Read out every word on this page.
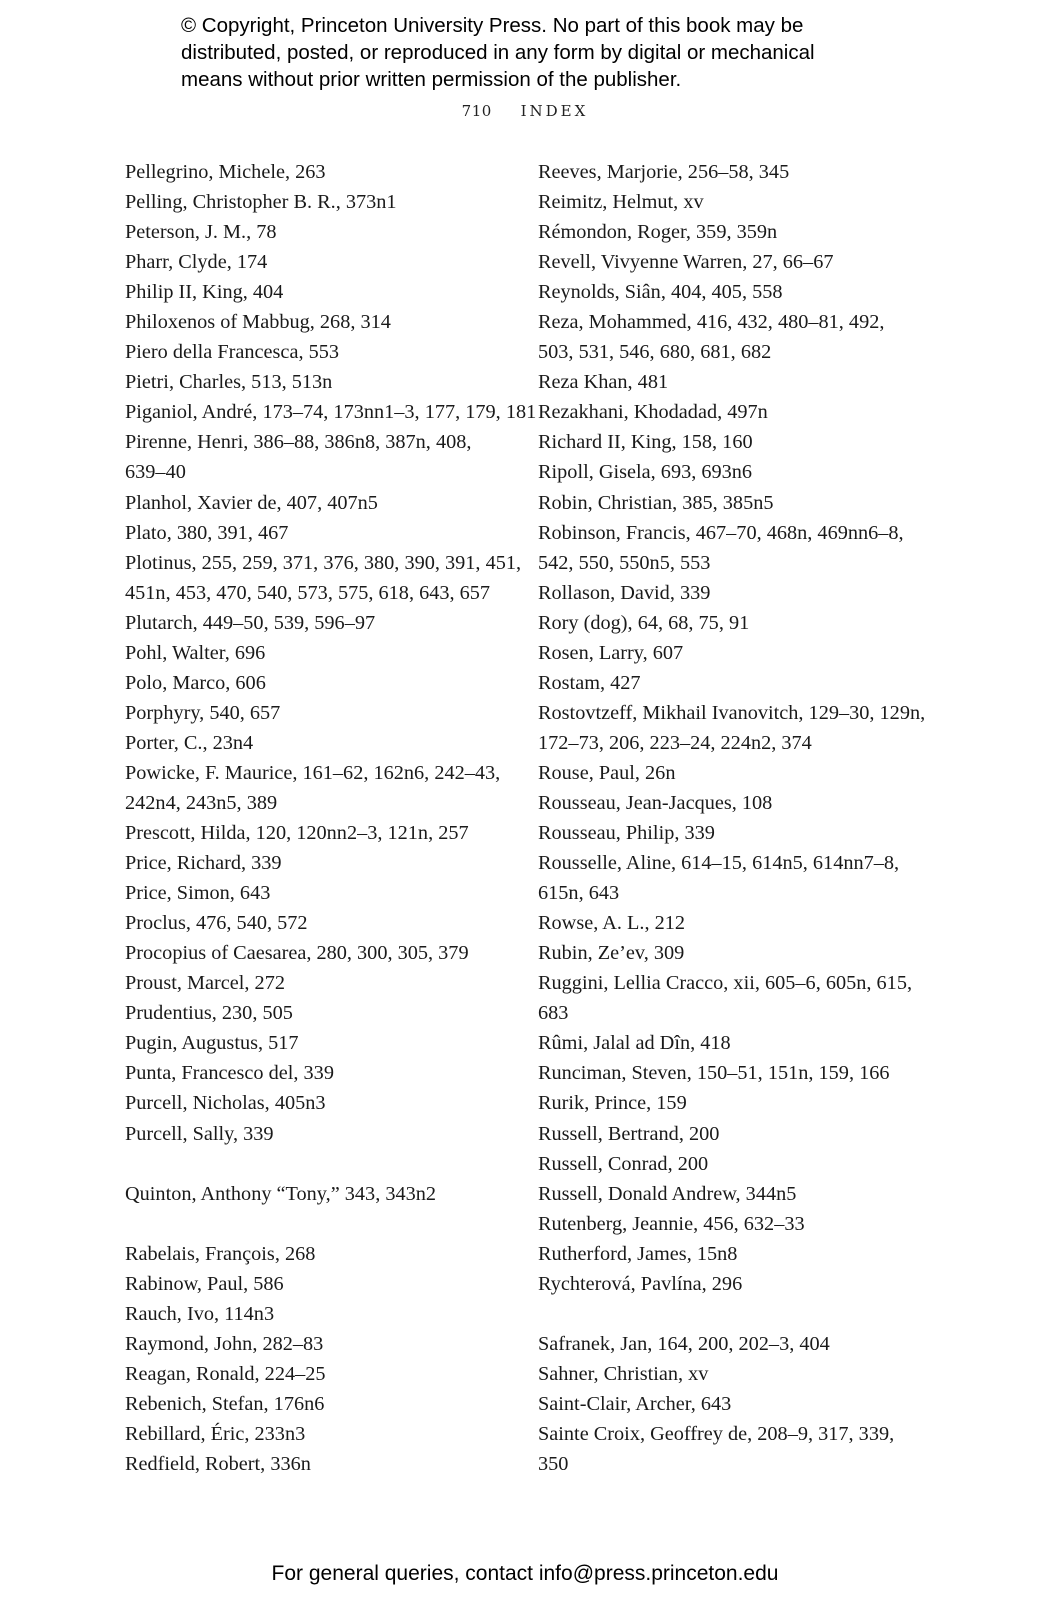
© Copyright, Princeton University Press. No part of this book may be
distributed, posted, or reproduced in any form by digital or mechanical
means without prior written permission of the publisher.
710 INDEX
Pellegrino, Michele, 263
Pelling, Christopher B. R., 373n1
Peterson, J. M., 78
Pharr, Clyde, 174
Philip II, King, 404
Philoxenos of Mabbug, 268, 314
Piero della Francesca, 553
Pietri, Charles, 513, 513n
Piganiol, André, 173–74, 173nn1–3, 177, 179, 181
Pirenne, Henri, 386–88, 386n8, 387n, 408,
639–40
Planhol, Xavier de, 407, 407n5
Plato, 380, 391, 467
Plotinus, 255, 259, 371, 376, 380, 390, 391, 451,
451n, 453, 470, 540, 573, 575, 618, 643, 657
Plutarch, 449–50, 539, 596–97
Pohl, Walter, 696
Polo, Marco, 606
Porphyry, 540, 657
Porter, C., 23n4
Powicke, F. Maurice, 161–62, 162n6, 242–43,
242n4, 243n5, 389
Prescott, Hilda, 120, 120nn2–3, 121n, 257
Price, Richard, 339
Price, Simon, 643
Proclus, 476, 540, 572
Procopius of Caesarea, 280, 300, 305, 379
Proust, Marcel, 272
Prudentius, 230, 505
Pugin, Augustus, 517
Punta, Francesco del, 339
Purcell, Nicholas, 405n3
Purcell, Sally, 339
Quinton, Anthony “Tony,” 343, 343n2
Rabelais, François, 268
Rabinow, Paul, 586
Rauch, Ivo, 114n3
Raymond, John, 282–83
Reagan, Ronald, 224–25
Rebenich, Stefan, 176n6
Rebillard, Éric, 233n3
Redfield, Robert, 336n
Reeves, Marjorie, 256–58, 345
Reimitz, Helmut, xv
Rémondon, Roger, 359, 359n
Revell, Vivyenne Warren, 27, 66–67
Reynolds, Siân, 404, 405, 558
Reza, Mohammed, 416, 432, 480–81, 492,
503, 531, 546, 680, 681, 682
Reza Khan, 481
Rezakhani, Khodadad, 497n
Richard II, King, 158, 160
Ripoll, Gisela, 693, 693n6
Robin, Christian, 385, 385n5
Robinson, Francis, 467–70, 468n, 469nn6–8,
542, 550, 550n5, 553
Rollason, David, 339
Rory (dog), 64, 68, 75, 91
Rosen, Larry, 607
Rostam, 427
Rostovtzeff, Mikhail Ivanovitch, 129–30, 129n,
172–73, 206, 223–24, 224n2, 374
Rouse, Paul, 26n
Rousseau, Jean-Jacques, 108
Rousseau, Philip, 339
Rousselle, Aline, 614–15, 614n5, 614nn7–8,
615n, 643
Rowse, A. L., 212
Rubin, Ze’ev, 309
Ruggini, Lellia Cracco, xii, 605–6, 605n, 615,
683
Rûmi, Jalal ad Dîn, 418
Runciman, Steven, 150–51, 151n, 159, 166
Rurik, Prince, 159
Russell, Bertrand, 200
Russell, Conrad, 200
Russell, Donald Andrew, 344n5
Rutenberg, Jeannie, 456, 632–33
Rutherford, James, 15n8
Rychterová, Pavlína, 296
Safranek, Jan, 164, 200, 202–3, 404
Sahner, Christian, xv
Saint-Clair, Archer, 643
Sainte Croix, Geoffrey de, 208–9, 317, 339,
350
For general queries, contact info@press.princeton.edu
